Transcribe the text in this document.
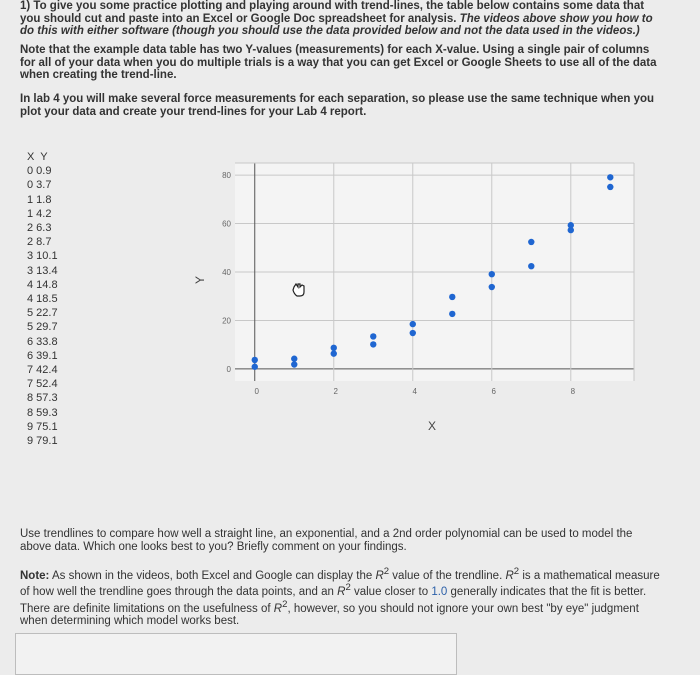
1) To give you some practice plotting and playing around with trend-lines, the table below contains some data that you should cut and paste into an Excel or Google Doc spreadsheet for analysis. The videos above show you how to do this with either software (though you should use the data provided below and not the data used in the videos.)

Note that the example data table has two Y-values (measurements) for each X-value. Using a single pair of columns for all of your data when you do multiple trials is a way that you can get Excel or Google Sheets to use all of the data when creating the trend-line.

In lab 4 you will make several force measurements for each separation, so please use the same technique when you plot your data and create your trend-lines for your Lab 4 report.

X  Y
0 0.9
0 3.7
1 1.8
1 4.2
2 6.3
2 8.7
3 10.1
3 13.4
4 14.8
4 18.5
5 22.7
5 29.7
6 33.8
6 39.1
7 42.4
7 52.4
8 57.3
8 59.3
9 75.1
9 79.1
0
20
40
60
80
0	2	4	6	8
X
Y

Use trendlines to compare how well a straight line, an exponential, and a 2nd order polynomial can be used to model the above data. Which one looks best to you? Briefly comment on your findings.

Note: As shown in the videos, both Excel and Google can display the $R^2$ value of the trendline. $R^2$ is a mathematical measure of how well the trendline goes through the data points, and an $R^2$ value closer to 1.0 generally indicates that the fit is better. There are definite limitations on the usefulness of $R^2$, however, so you should not ignore your own best "by eye" judgment when determining which model works best.
